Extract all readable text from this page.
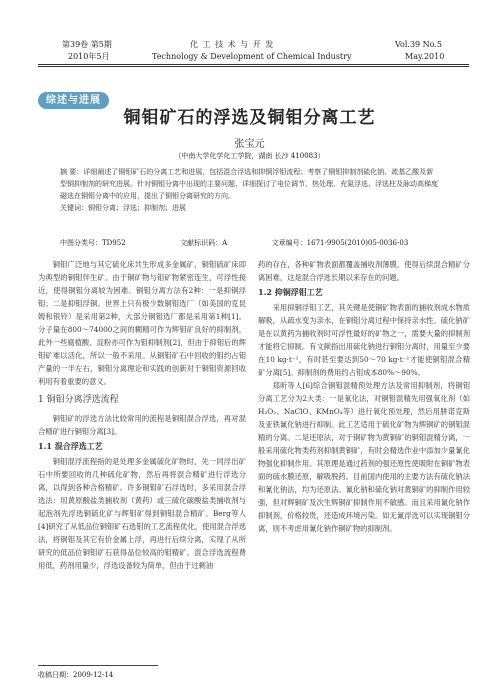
第39卷 第5期
2010年5月
化 工 技 术 与 开 发
Technology & Development of Chemical Industry
Vol.39 No.5
May.2010
综述与进展
铜钼矿石的浮选及铜钼分离工艺
张宝元
（中南大学化学化工学院，湖南 长沙 410083）

摘 要：详细阐述了铜钼矿石的分离工艺和进展，包括混合浮选和抑铜浮钼流程；考察了铜钼抑制剂硫化钠、巯基乙酸及新型铜抑制剂的研究进展。针对铜钼分离中出现的主要问题，详细探讨了电位调节、热处理、充氮浮选、浮选柱及脉动高梯度磁选在铜钼分离中的应用，提出了铜钼分离研究的方向。

关键词：铜钼分离；浮选；抑制剂；进展

中图分类号：TD952	文献标识码：A	文章编号：1671-9905(2010)05-0036-03

铜钼广泛地与其它硫化床共生形成多金属矿，铜钼硫矿床即为典型的铜钼伴生矿。由于铜矿物与钼矿物紧密连生，可浮性接近，使得铜钼分离较为困难。铜钼分离方法有2种：一是抑铜浮钼；二是抑钼浮铜。世界上只有极少数铜钼选厂（如美国的克昆姆和银铃）是采用第2种，大部分铜钼选厂都是采用第1种[1]。分子量在800～74000之间的糊精可作为辉钼矿良好的抑制剂，此外一些腐植酸、淀粉亦可作为钼抑制剂[2]，但由于抑钼后的辉钼矿难以活化，所以一般不采用。从铜钼矿石中回收的钼约占钼产量的一半左右，铜钼分离理论和实践的创新对于铜钼资源回收利用有着重要的意义。

1 铜钼分离浮选流程

铜钼矿的浮选方法比较常用的流程是铜钼混合浮选，再对混合精矿进行铜钼分离[3]。

1.1 混合浮选工艺

铜钼混浮流程指的是处理多金属硫化矿物时，先一同浮出矿石中所要回收的几种硫化矿物，然后再将混合精矿进行浮选分离，以得到各种合格精矿。许多铜钼矿石浮选时，多采用混合浮选法：用黄原酸盐类捕收剂（黄药）或三硫化碳酸盐类捕收剂与起泡剂先浮选铜硫化矿与辉钼矿得到铜钼混合精矿。Berg等人[4]研究了从低品位铜钼矿石选钼的工艺流程优化，使用混合浮选法，将铜钼及其它有价金属上浮，再进行后续分离，实现了从所研究的低品位铜钼矿石获得品位较高的钼精矿。混合浮选流程费用低，药剂用量少，浮选设备较为简单，但由于过剩油

药的存在，各种矿物表面都覆盖捕收剂薄膜，使得后续混合精矿分离困难，这是混合浮选长期以来存在的问题。

1.2 抑铜浮钼工艺

采用抑铜浮钼工艺，其关键是使铜矿物表面的捕收剂成水物质解吸，从疏水变为亲水，在铜钼分离过程中保持亲水性。硫化钠矿是在以黄药为捕收剂时可浮性最好的矿物之一，需要大量的抑制剂才能将它抑制。有文献指出用硫化钠进行铜钼分离时，用量至少要在10 kg·t⁻¹，有时甚至要达到50～70 kg·t⁻¹才能使铜钼混合精矿分离[5]。抑制剂的费用约占钼成本80%～90%。

郑昕等人[6]综合铜钼混精预处理方法及常用抑制剂，将铜钼分离工艺分为2大类：一是氧化法，对铜钼混精先用强氧化剂（如H₂O₂、NaClO、KMnO₄等）进行氧化预处理，然后用肼诺克斯及亚铁氰化钠进行抑制。此工艺适用于硫化矿物为辉铜矿的铜钼混精的分离。二是还原法，对于铜矿物为黄铜矿的铜钼混精分离，一般采用硫化物类药剂抑制黄铜矿，有时会精选作业中添加少量氰化物强化抑制作用。其原理是通过药剂的强还原性使吸附在铜矿物表面的硫水膜还原，解吸脱药。目前国内使用的主要方法有硫化钠法和氰化钠法，均为还原法。氰化钠和硫化钠对黄铜矿的抑制作用较强，但对辉铜矿及次生辉铜矿抑制作用不敏感。而且采用氰化钠作抑制剂，价格较贵，还造成环境污染。如无氰浮选可以实现铜钼分离，则不考虑用氰化钠作铜矿物的抑制剂。

收稿日期：2009-12-14
